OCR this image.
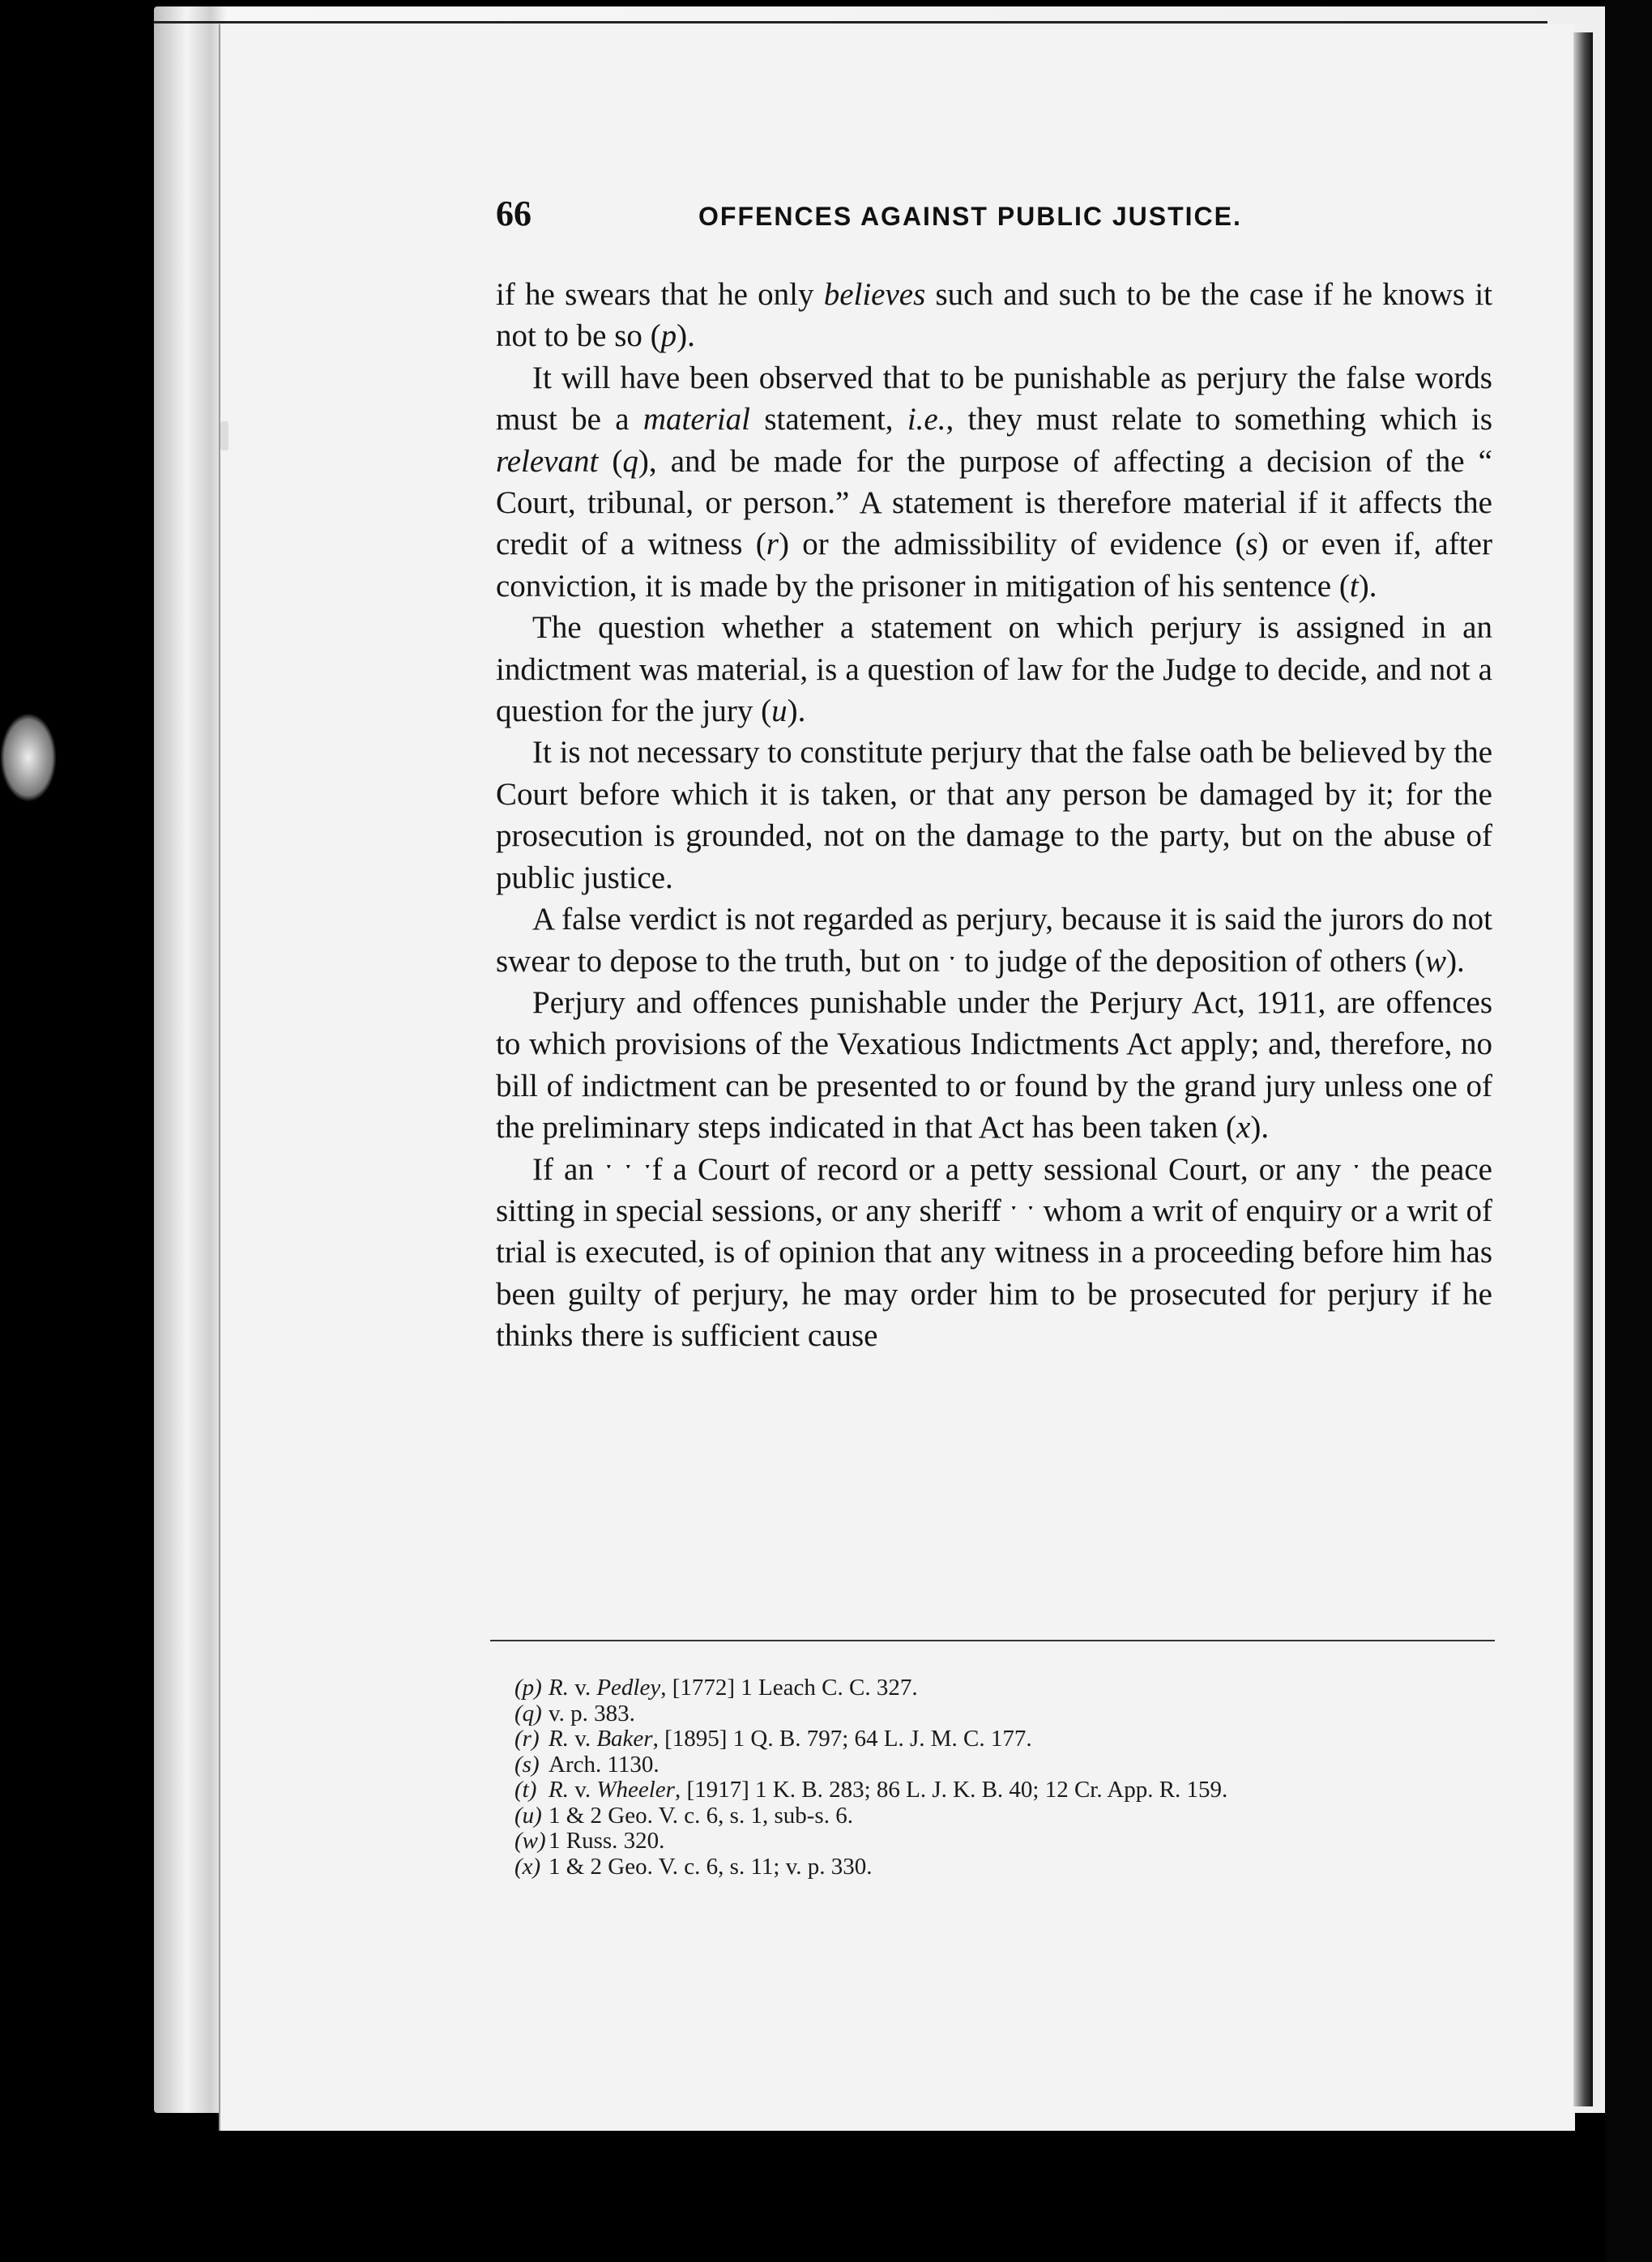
66	OFFENCES AGAINST PUBLIC JUSTICE.

if he swears that he only believes such and such to be the case if he knows it not to be so (p).

It will have been observed that to be punishable as perjury the false words must be a material statement, i.e., they must relate to something which is relevant (q), and be made for the purpose of affecting a decision of the “ Court, tribunal, or person.” A statement is therefore material if it affects the credit of a witness (r) or the admissibility of evidence (s) or even if, after conviction, it is made by the prisoner in mitigation of his sentence (t).

The question whether a statement on which perjury is assigned in an indictment was material, is a question of law for the Judge to decide, and not a question for the jury (u).

It is not necessary to constitute perjury that the false oath be believed by the Court before which it is taken, or that any person be damaged by it; for the prosecution is grounded, not on the damage to the party, but on the abuse of public justice.

A false verdict is not regarded as perjury, because it is said the jurors do not swear to depose to the truth, but on ˑ to judge of the deposition of others (w).

Perjury and offences punishable under the Perjury Act, 1911, are offences to which provisions of the Vexatious Indictments Act apply; and, therefore, no bill of indictment can be presented to or found by the grand jury unless one of the preliminary steps indicated in that Act has been taken (x).

If an ˑ ˑ ˑf a Court of record or a petty sessional Court, or any ˑ the peace sitting in special sessions, or any sheriff ˑ ˑ whom a writ of enquiry or a writ of trial is executed, is of opinion that any witness in a proceeding before him has been guilty of perjury, he may order him to be prosecuted for perjury if he thinks there is sufficient cause

(p) R. v. Pedley, [1772] 1 Leach C. C. 327.
(q) v. p. 383.
(r) R. v. Baker, [1895] 1 Q. B. 797; 64 L. J. M. C. 177.
(s) Arch. 1130.
(t) R. v. Wheeler, [1917] 1 K. B. 283; 86 L. J. K. B. 40; 12 Cr. App. R. 159.
(u) 1 & 2 Geo. V. c. 6, s. 1, sub-s. 6.
(w) 1 Russ. 320.
(x) 1 & 2 Geo. V. c. 6, s. 11; v. p. 330.
